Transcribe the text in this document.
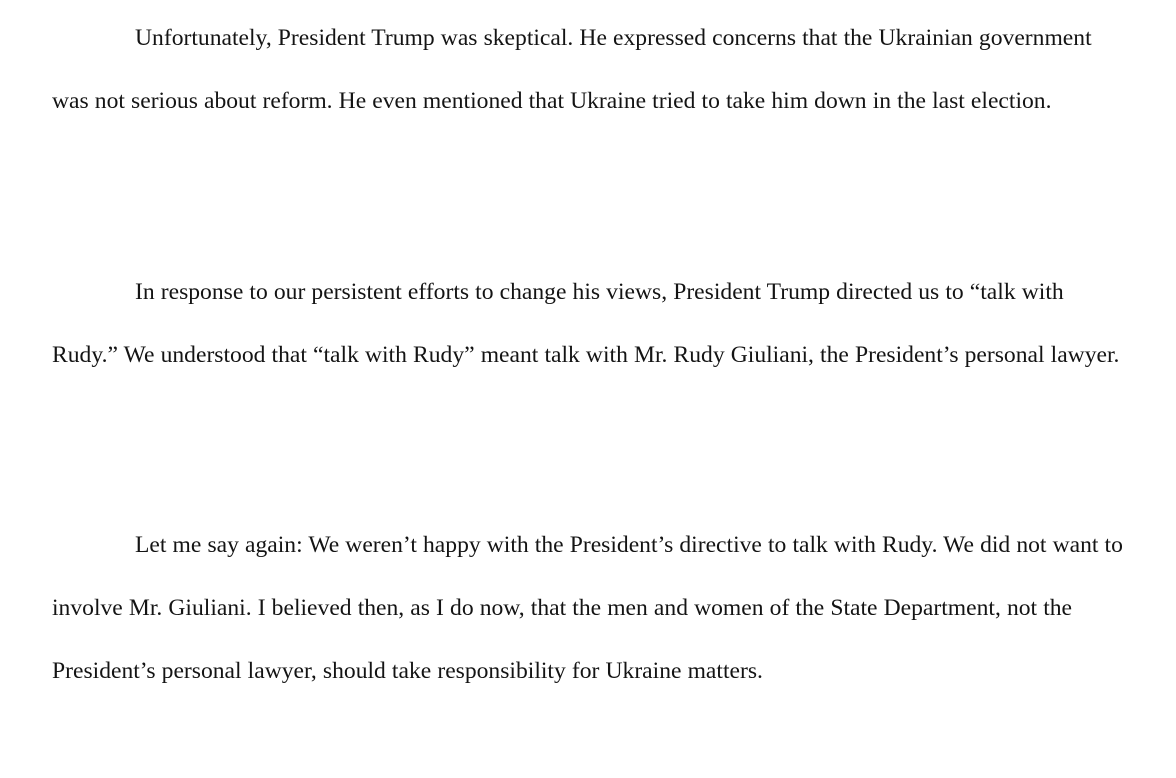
Unfortunately, President Trump was skeptical. He expressed concerns that the Ukrainian government was not serious about reform. He even mentioned that Ukraine tried to take him down in the last election.

In response to our persistent efforts to change his views, President Trump directed us to “talk with Rudy.” We understood that “talk with Rudy” meant talk with Mr. Rudy Giuliani, the President’s personal lawyer.

Let me say again: We weren’t happy with the President’s directive to talk with Rudy. We did not want to involve Mr. Giuliani. I believed then, as I do now, that the men and women of the State Department, not the President’s personal lawyer, should take responsibility for Ukraine matters.
